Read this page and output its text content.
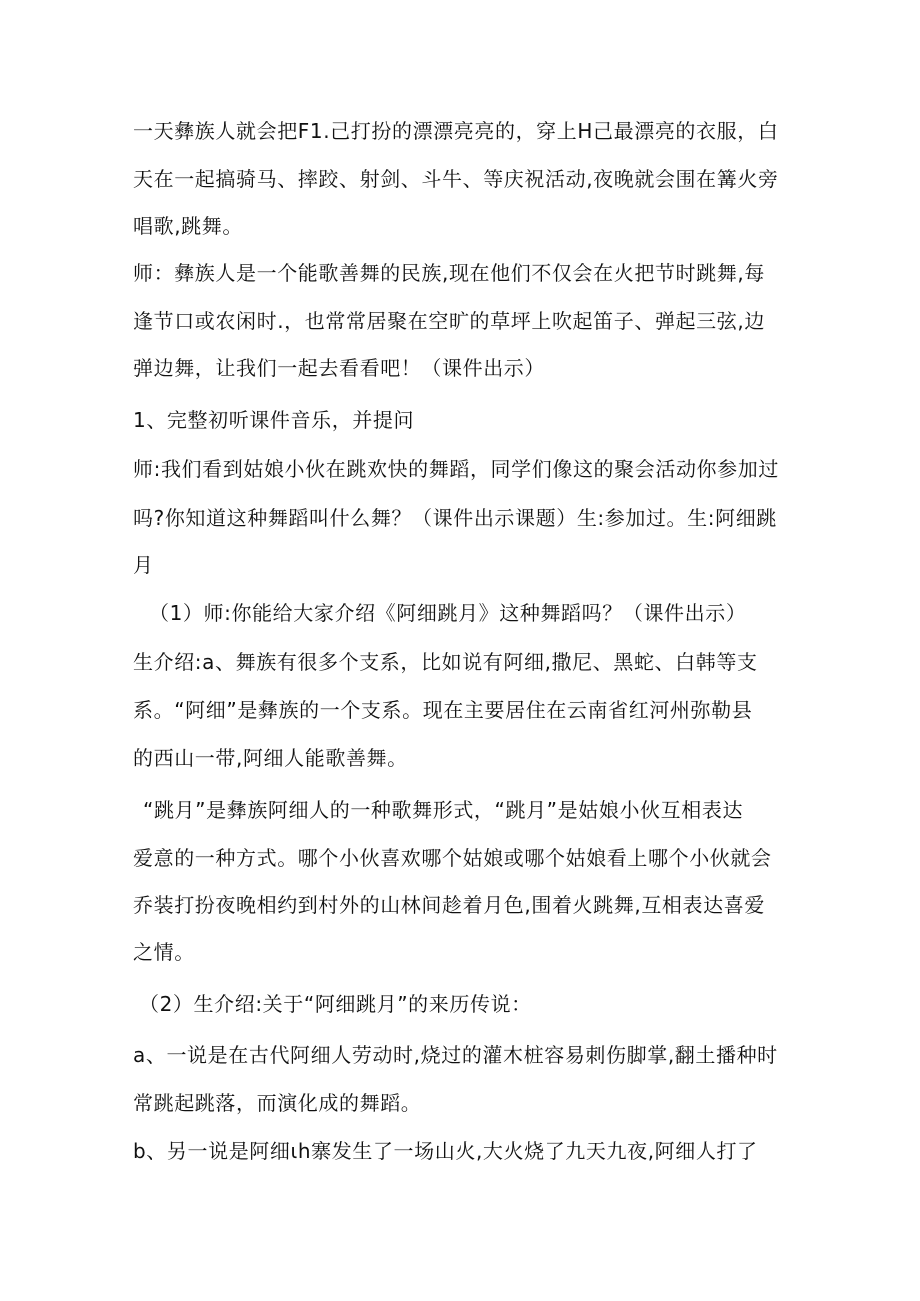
一天彝族人就会把F1.己打扮的漂漂亮亮的，穿上H己最漂亮的衣服，白
天在一起搞骑马、摔跤、射剑、斗牛、等庆祝活动,夜晚就会围在篝火旁
唱歌,跳舞。
师：彝族人是一个能歌善舞的民族,现在他们不仅会在火把节时跳舞,每
逢节口或农闲时.，也常常居聚在空旷的草坪上吹起笛子、弹起三弦,边
弹边舞，让我们一起去看看吧！（课件出示）
1、完整初听课件音乐，并提问
师:我们看到姑娘小伙在跳欢快的舞蹈，同学们像这的聚会活动你参加过
吗?你知道这种舞蹈叫什么舞？（课件出示课题）生:参加过。生:阿细跳
月
（1）师:你能给大家介绍《阿细跳月》这种舞蹈吗？（课件出示）
生介绍:a、舞族有很多个支系，比如说有阿细,撒尼、黑蛇、白韩等支
系。“阿细”是彝族的一个支系。现在主要居住在云南省红河州弥勒县
的西山一带,阿细人能歌善舞。
“跳月”是彝族阿细人的一种歌舞形式，“跳月”是姑娘小伙互相表达
爱意的一种方式。哪个小伙喜欢哪个姑娘或哪个姑娘看上哪个小伙就会
乔装打扮夜晚相约到村外的山林间趁着月色,围着火跳舞,互相表达喜爱
之情。
（2）生介绍:关于“阿细跳月”的来历传说：
a、一说是在古代阿细人劳动时,烧过的灌木桩容易刺伤脚掌,翻土播种时
常跳起跳落，而演化成的舞蹈。
b、另一说是阿细ιh寨发生了一场山火,大火烧了九天九夜,阿细人打了
